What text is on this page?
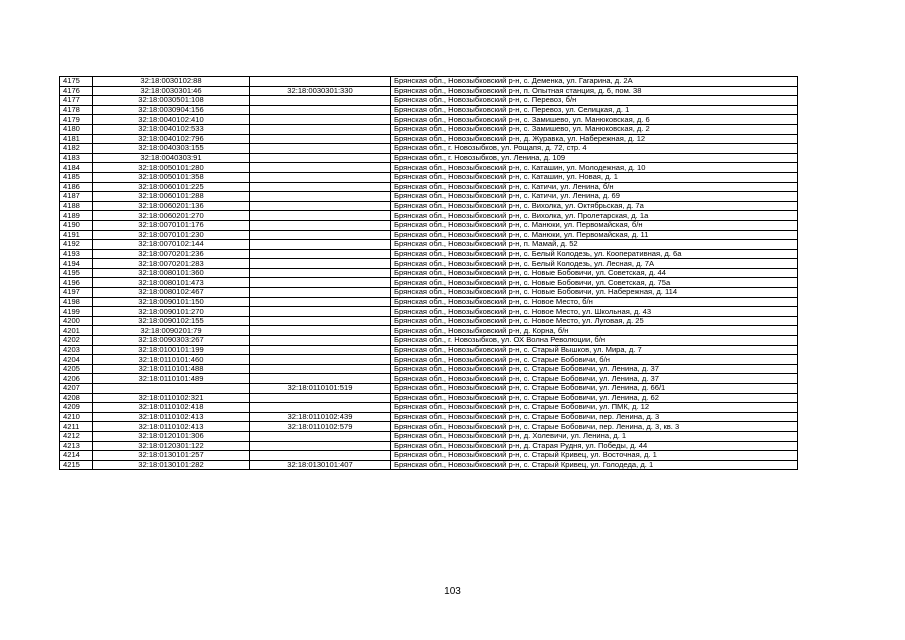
4175	32:18:0030102:88		Брянская обл., Новозыбковский р-н, с. Деменка, ул. Гагарина, д. 2А
4176	32:18:0030301:46	32:18:0030301:330	Брянская обл., Новозыбковский р-н, п. Опытная станция, д. 6, пом. 38
4177	32:18:0030501:108		Брянская обл., Новозыбковский р-н, с. Перевоз, б/н
4178	32:18:0030904:156		Брянская обл., Новозыбковский р-н, с. Перевоз, ул. Селицкая, д. 1
4179	32:18:0040102:410		Брянская обл., Новозыбковский р-н, с. Замишево, ул. Манюковская, д. 6
4180	32:18:0040102:533		Брянская обл., Новозыбковский р-н, с. Замишево, ул. Манюковская, д. 2
4181	32:18:0040102:796		Брянская обл., Новозыбковский р-н, д. Журавка, ул. Набережная, д. 12
4182	32:18:0040303:155		Брянская обл., г. Новозыбков, ул. Рощапя, д. 72, стр. 4
4183	32:18:0040303:91		Брянская обл., г. Новозыбков, ул. Ленина, д. 109
4184	32:18:0050101:280		Брянская обл., Новозыбковский р-н, с. Катaшин, ул. Молодежная, д. 10
4185	32:18:0050101:358		Брянская обл., Новозыбковский р-н, с. Катaшин, ул. Новая, д. 1
4186	32:18:0060101:225		Брянская обл., Новозыбковский р-н, с. Катичи, ул. Ленина, б/н
4187	32:18:0060101:288		Брянская обл., Новозыбковский р-н, с. Катичи, ул. Ленина, д. 69
4188	32:18:0060201:136		Брянская обл., Новозыбковский р-н, с. Вихолка, ул. Октябрьская, д. 7а
4189	32:18:0060201:270		Брянская обл., Новозыбковский р-н, с. Вихолка, ул. Пролетарская, д. 1а
4190	32:18:0070101:176		Брянская обл., Новозыбковский р-н, с. Манюки, ул. Первомайская, б/н
4191	32:18:0070101:230		Брянская обл., Новозыбковский р-н, с. Манюки, ул. Первомайская, д. 11
4192	32:18:0070102:144		Брянская обл., Новозыбковский р-н, п. Мамай, д. 52
4193	32:18:0070201:236		Брянская обл., Новозыбковский р-н, с. Белый Колодезь, ул. Кооперативная, д. 6а
4194	32:18:0070201:283		Брянская обл., Новозыбковский р-н, с. Белый Колодезь, ул. Лесная, д. 7А
4195	32:18:0080101:360		Брянская обл., Новозыбковский р-н, с. Новые Бобовичи, ул. Советская, д. 44
4196	32:18:0080101:473		Брянская обл., Новозыбковский р-н, с. Новые Бобовичи, ул. Советская, д. 75а
4197	32:18:0080102:467		Брянская обл., Новозыбковский р-н, с. Новые Бобовичи, ул. Набережная, д. 114
4198	32:18:0090101:150		Брянская обл., Новозыбковский р-н, с. Новое Место, б/н
4199	32:18:0090101:270		Брянская обл., Новозыбковский р-н, с. Новое Место, ул. Школьная, д. 43
4200	32:18:0090102:155		Брянская обл., Новозыбковский р-н, с. Новое Место, ул. Луговая, д. 25
4201	32:18:0090201:79		Брянская обл., Новозыбковский р-н, д. Корна, б/н
4202	32:18:0090303:267		Брянская обл., г. Новозыбков, ул. ОХ Волна Революции, б/н
4203	32:18:0100101:199		Брянская обл., Новозыбковский р-н, с. Старый Вышков, ул. Мира, д. 7
4204	32:18:0110101:460		Брянская обл., Новозыбковский р-н, с. Старые Бобовичи, б/н
4205	32:18:0110101:488		Брянская обл., Новозыбковский р-н, с. Старые Бобовичи, ул. Ленина, д. 37
4206	32:18:0110101:489		Брянская обл., Новозыбковский р-н, с. Старые Бобовичи, ул. Ленина, д. 37
4207		32:18:0110101:519	Брянская обл., Новозыбковский р-н, с. Старые Бобовичи, ул. Ленина, д. 66/1
4208	32:18:0110102:321		Брянская обл., Новозыбковский р-н, с. Старые Бобовичи, ул. Ленина, д. 62
4209	32:18:0110102:418		Брянская обл., Новозыбковский р-н, с. Старые Бобовичи, ул. ПМК, д. 12
4210	32:18:0110102:413	32:18:0110102:439	Брянская обл., Новозыбковский р-н, с. Старые Бобовичи, пер. Ленина, д. 3
4211	32:18:0110102:413	32:18:0110102:579	Брянская обл., Новозыбковский р-н, с. Старые Бобовичи, пер. Ленина, д. 3, кв. 3
4212	32:18:0120101:306		Брянская обл., Новозыбковский р-н, д. Холевичи, ул. Ленина, д. 1
4213	32:18:0120301:122		Брянская обл., Новозыбковский р-н, д. Старая Рудня, ул. Победы, д. 44
4214	32:18:0130101:257		Брянская обл., Новозыбковский р-н, с. Старый Кривец, ул. Восточная, д. 1
4215	32:18:0130101:282	32:18:0130101:407	Брянская обл., Новозыбковский р-н, с. Старый Кривец, ул. Голодеда, д. 1
103
